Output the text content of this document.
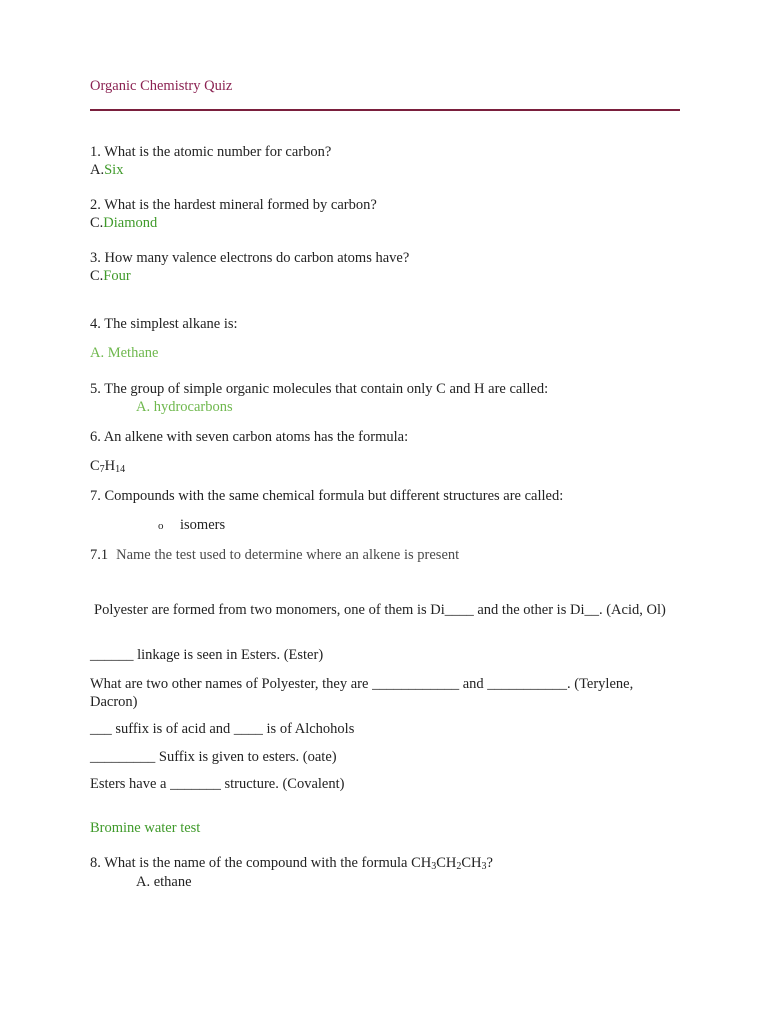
Organic Chemistry Quiz
1. What is the atomic number for carbon?
A.Six
2. What is the hardest mineral formed by carbon?
C.Diamond
3. How many valence electrons do carbon atoms have?
C.Four
4. The simplest alkane is:
A. Methane
5. The group of simple organic molecules that contain only C and H are called:
A. hydrocarbons
6. An alkene with seven carbon atoms has the formula:
$C_7H_{14}$
7. Compounds with the same chemical formula but different structures are called:
o isomers
7.1 Name the test used to determine where an alkene is present
Polyester are formed from two monomers, one of them is Di____ and the other is Di__. (Acid, Ol)
______ linkage is seen in Esters. (Ester)
What are two other names of Polyester, they are ____________ and ___________. (Terylene, Dacron)
___ suffix is of acid and ____ is of Alchohols
_________ Suffix is given to esters. (oate)
Esters have a _______ structure. (Covalent)
Bromine water test
8. What is the name of the compound with the formula $CH_3CH_2CH_3$?
A. ethane
